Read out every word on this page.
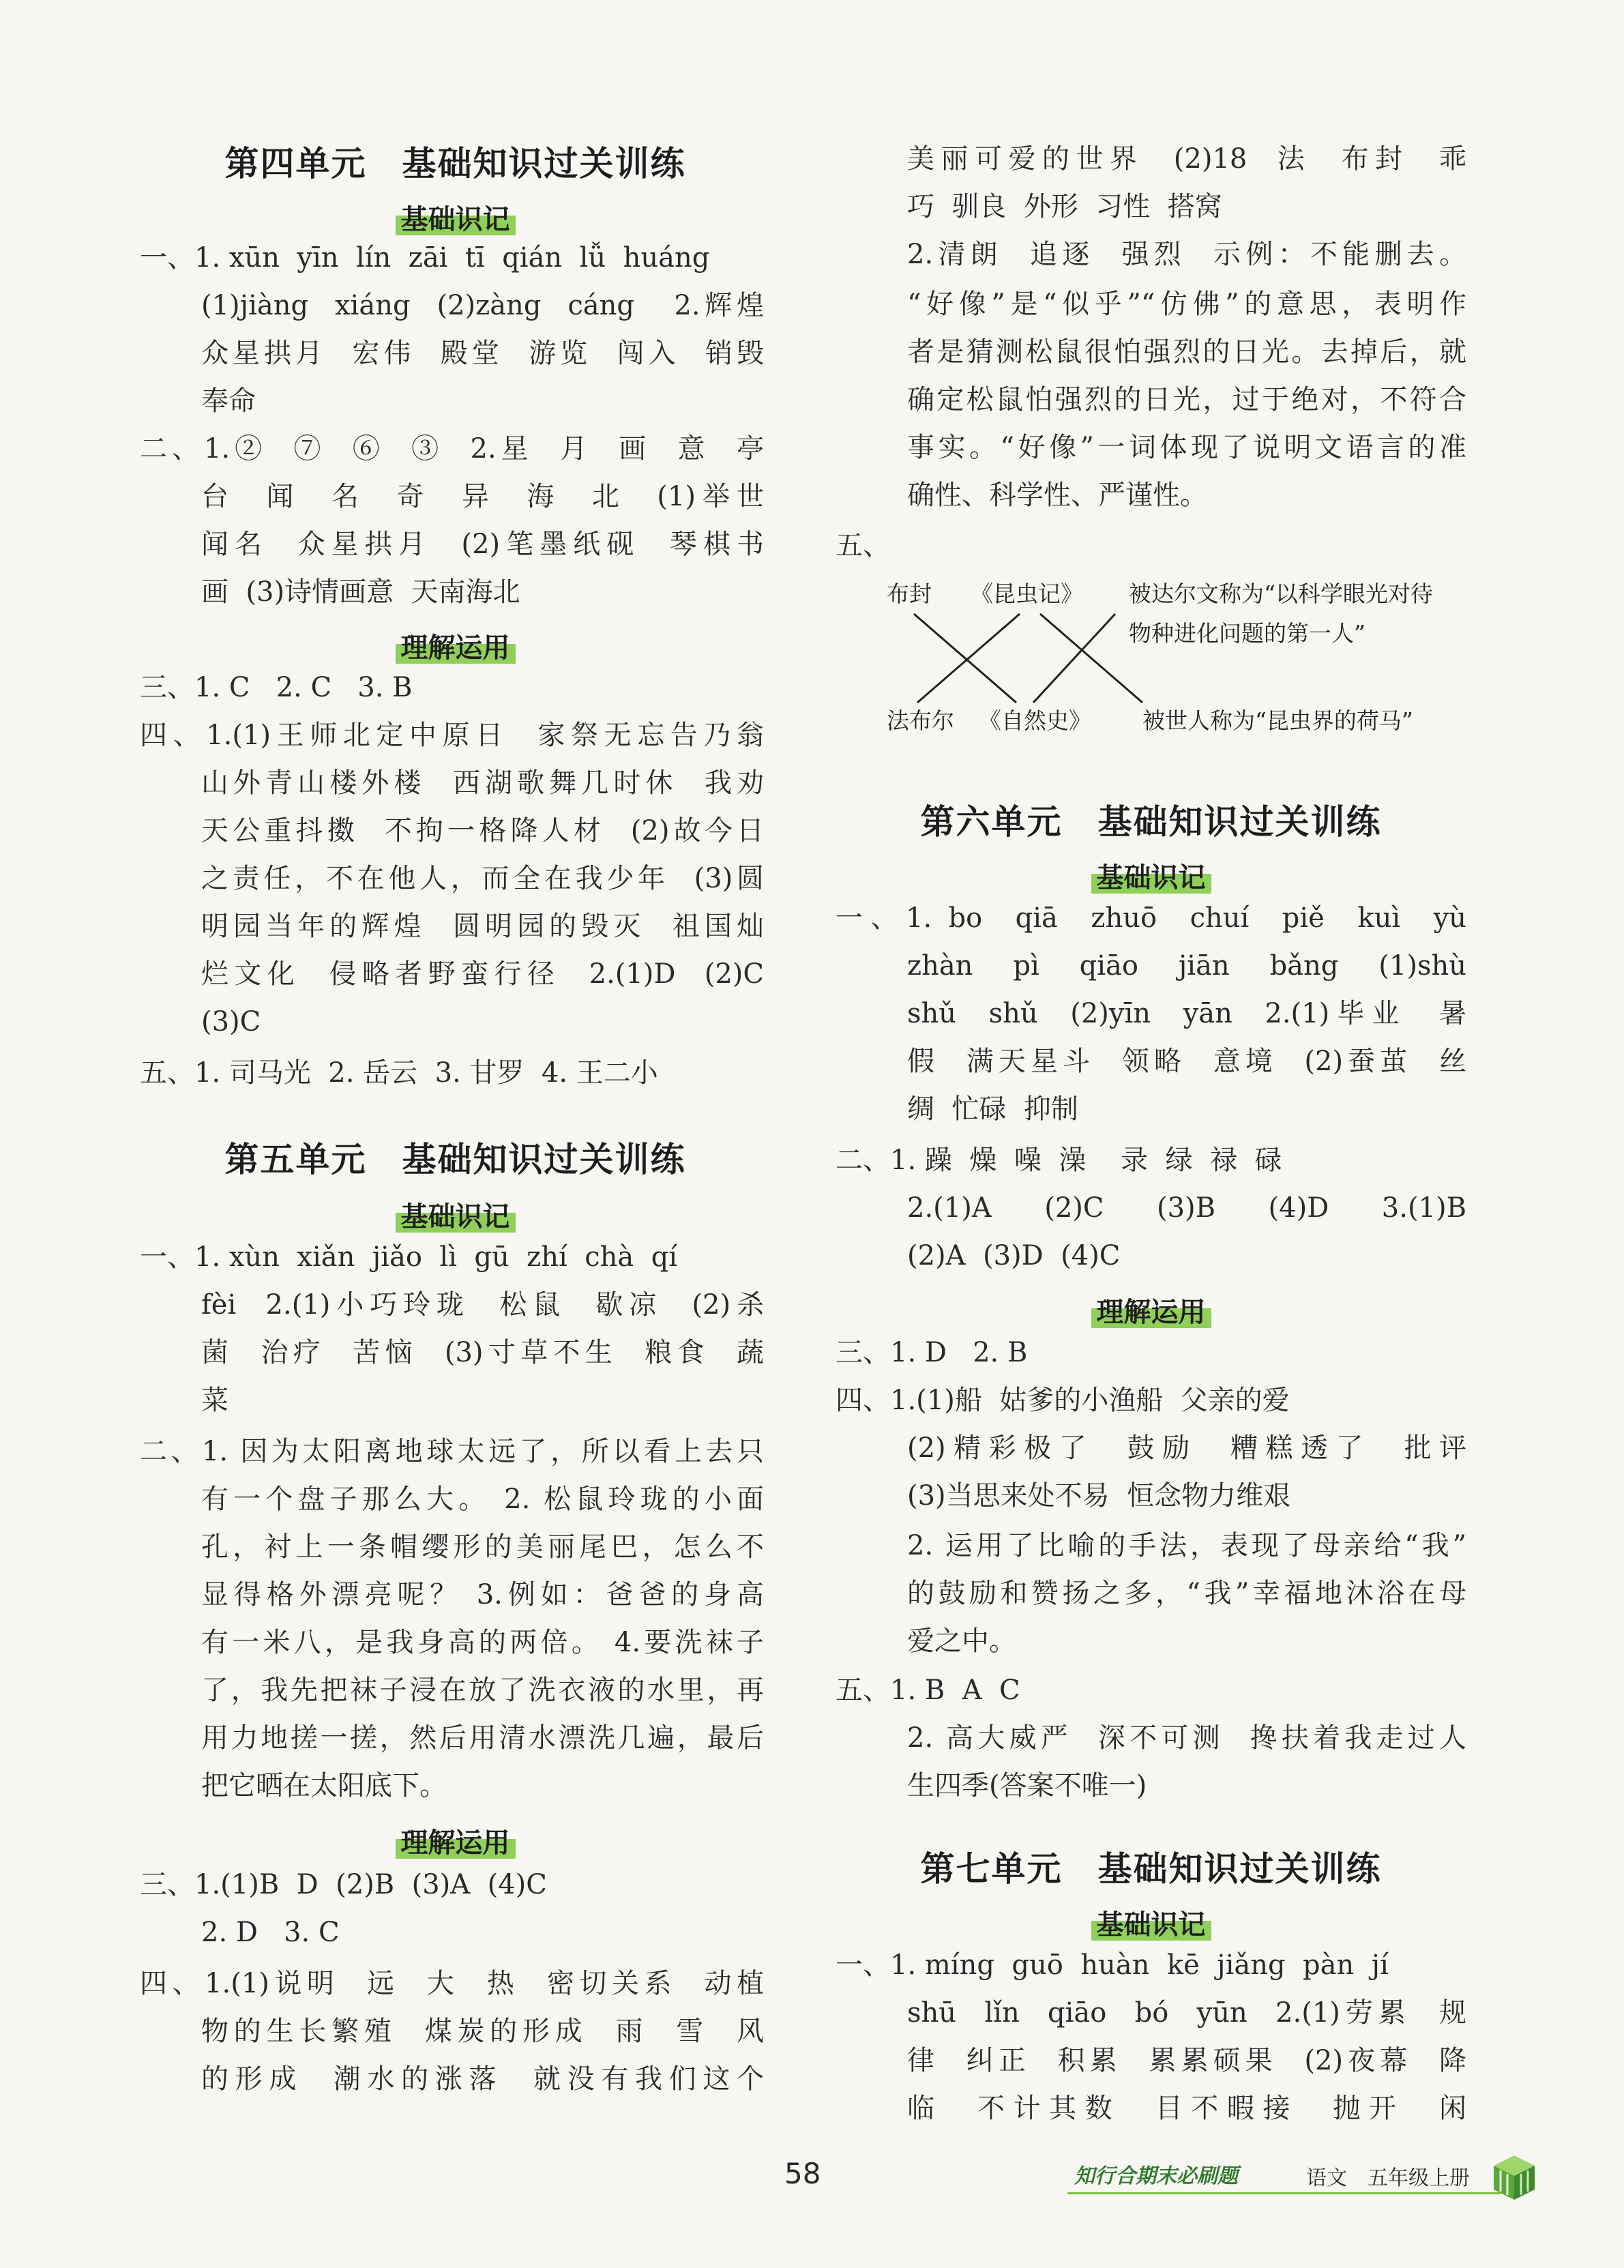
第四单元　基础知识过关训练
基础识记
一、1. xūn  yīn  lín  zāi  tī  qián  lǚ  huáng
(1)jiàng  xiáng  (2)zàng  cáng   2.辉煌
众星拱月  宏伟  殿堂  游览  闯入  销毁
奉命
二、1.②  ⑦  ⑥  ③  2.星  月  画  意  亭
台  闻  名  奇  异  海  北  (1)举世
闻名  众星拱月  (2)笔墨纸砚  琴棋书
画  (3)诗情画意  天南海北
理解运用
三、1. C   2. C   3. B
四、1.(1)王师北定中原日  家祭无忘告乃翁
山外青山楼外楼  西湖歌舞几时休  我劝
天公重抖擞  不拘一格降人材  (2)故今日
之责任，不在他人，而全在我少年  (3)圆
明园当年的辉煌  圆明园的毁灭  祖国灿
烂文化  侵略者野蛮行径  2.(1)D  (2)C
(3)C
五、1. 司马光  2. 岳云  3. 甘罗  4. 王二小
第五单元　基础知识过关训练
基础识记
一、1. xùn  xiǎn  jiǎo  lì  gū  zhí  chà  qí
fèi  2.(1)小巧玲珑  松鼠  歇凉  (2)杀
菌  治疗  苦恼  (3)寸草不生  粮食  蔬
菜
二、1. 因为太阳离地球太远了，所以看上去只
有一个盘子那么大。 2. 松鼠玲珑的小面
孔，衬上一条帽缨形的美丽尾巴，怎么不
显得格外漂亮呢？ 3.例如：爸爸的身高
有一米八，是我身高的两倍。 4.要洗袜子
了，我先把袜子浸在放了洗衣液的水里，再
用力地搓一搓，然后用清水漂洗几遍，最后
把它晒在太阳底下。
理解运用
三、1.(1)B  D  (2)B  (3)A  (4)C
2. D   3. C
四、1.(1)说明  远  大  热  密切关系  动植
物的生长繁殖  煤炭的形成  雨  雪  风
的形成  潮水的涨落  就没有我们这个
美丽可爱的世界  (2)18  法  布封  乖
巧  驯良  外形  习性  搭窝
2.清朗  追逐  强烈  示例：不能删去。
“好像”是“似乎”“仿佛”的意思，表明作
者是猜测松鼠很怕强烈的日光。去掉后，就
确定松鼠怕强烈的日光，过于绝对，不符合
事实。“好像”一词体现了说明文语言的准
确性、科学性、严谨性。
五、
布封 《昆虫记》 被达尔文称为“以科学眼光对待
物种进化问题的第一人”
法布尔 《自然史》 被世人称为“昆虫界的荷马”
第六单元　基础知识过关训练
基础识记
一、1. bo  qiā  zhuō  chuí  piě  kuì  yù
zhàn  pì  qiāo  jiān  bǎng  (1)shù
shǔ  shǔ  (2)yīn  yān  2.(1)毕业  暑
假  满天星斗  领略  意境  (2)蚕茧  丝
绸  忙碌  抑制
二、1. 躁  燥  噪  澡    录  绿  禄  碌
2.(1)A  (2)C  (3)B  (4)D  3.(1)B
(2)A  (3)D  (4)C
理解运用
三、1. D   2. B
四、1.(1)船  姑爹的小渔船  父亲的爱
(2)精彩极了  鼓励  糟糕透了  批评
(3)当思来处不易  恒念物力维艰
2. 运用了比喻的手法，表现了母亲给“我”
的鼓励和赞扬之多，“我”幸福地沐浴在母
爱之中。
五、1. B  A  C
2. 高大威严  深不可测  搀扶着我走过人
生四季(答案不唯一)
第七单元　基础知识过关训练
基础识记
一、1. míng  guō  huàn  kē  jiǎng  pàn  jí
shū  lǐn  qiāo  bó  yūn  2.(1)劳累  规
律  纠正  积累  累累硕果  (2)夜幕  降
临  不计其数  目不暇接  抛开  闲
58	知行合期末必刷题	语文　五年级上册
